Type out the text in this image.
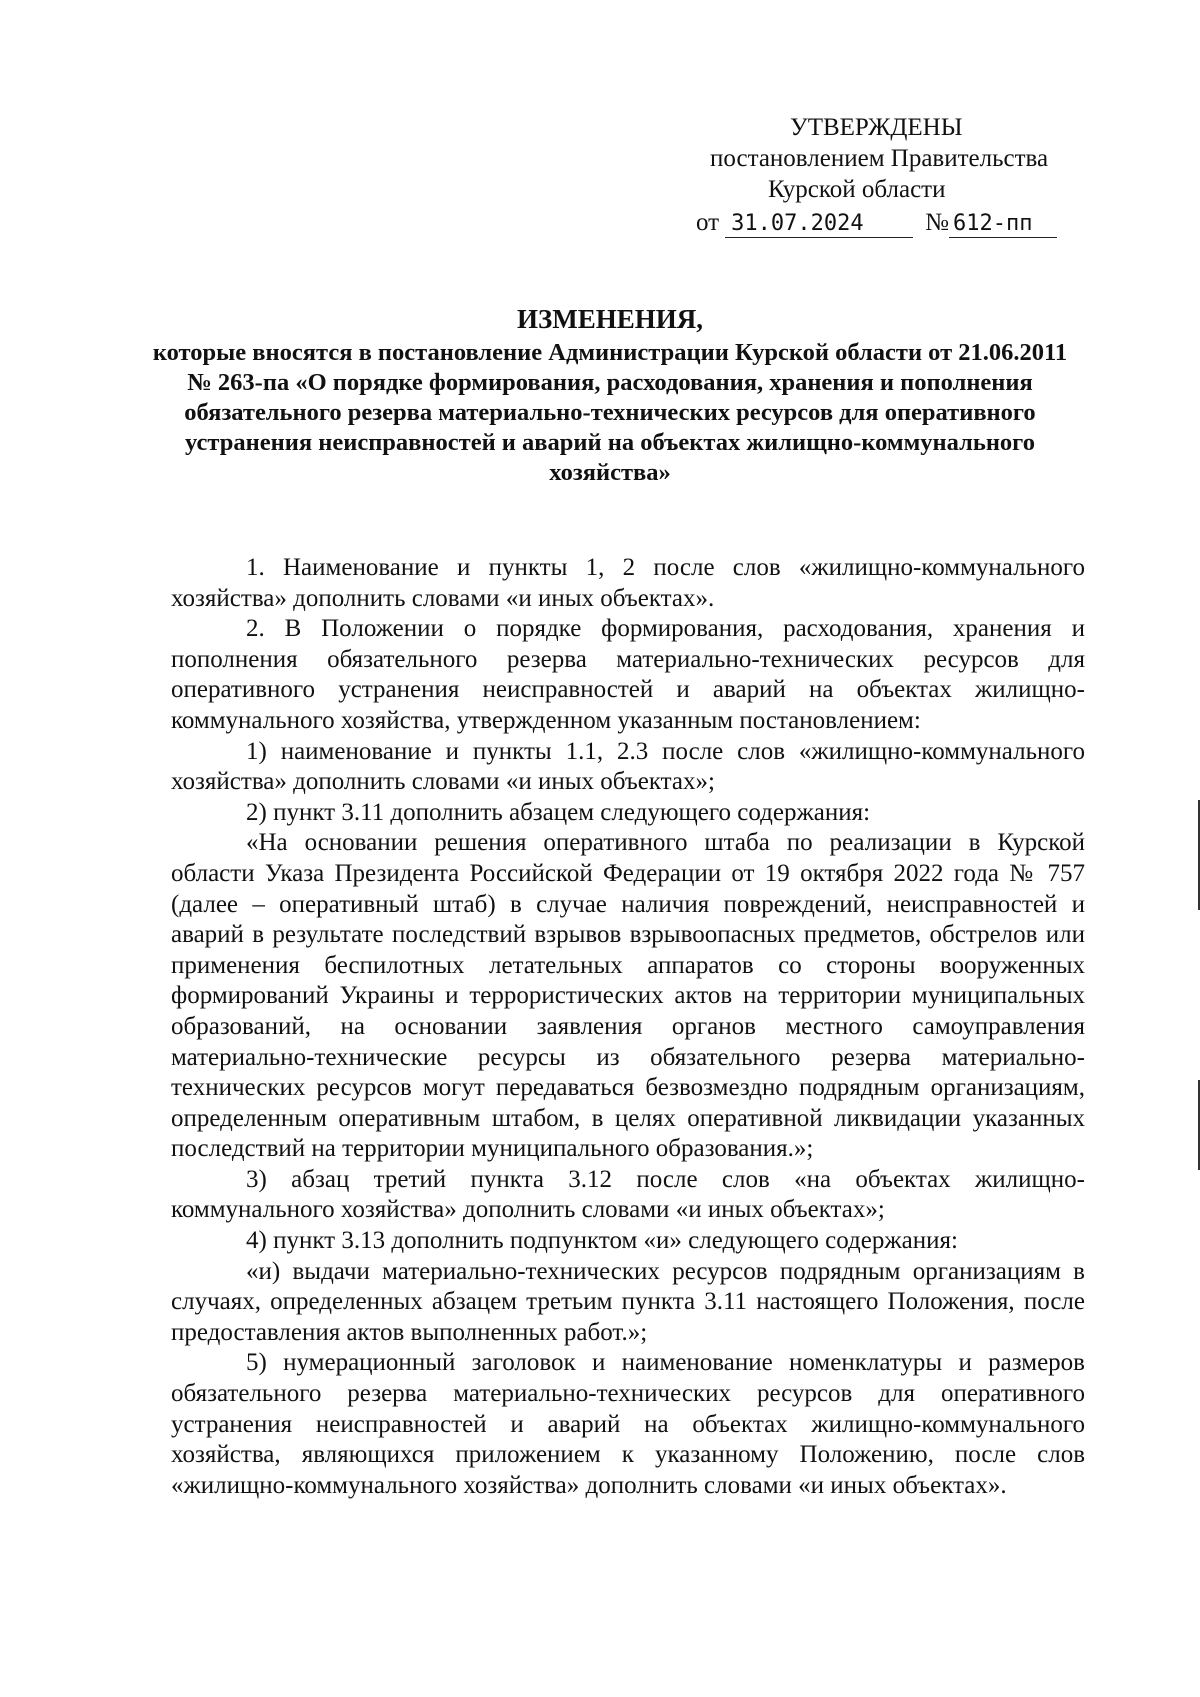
УТВЕРЖДЕНЫ
постановлением Правительства
Курской области
от 31.07.2024	№ 612-пп
ИЗМЕНЕНИЯ,
которые вносятся в постановление Администрации Курской области от 21.06.2011 № 263-па «О порядке формирования, расходования, хранения и пополнения обязательного резерва материально-технических ресурсов для оперативного устранения неисправностей и аварий на объектах жилищно-коммунального хозяйства»

1. Наименование и пункты 1, 2 после слов «жилищно-коммунального хозяйства» дополнить словами «и иных объектах».

2. В Положении о порядке формирования, расходования, хранения и пополнения обязательного резерва материально-технических ресурсов для оперативного устранения неисправностей и аварий на объектах жилищно-коммунального хозяйства, утвержденном указанным постановлением:

1) наименование и пункты 1.1, 2.3 после слов «жилищно-коммунального хозяйства» дополнить словами «и иных объектах»;

2) пункт 3.11 дополнить абзацем следующего содержания:

«На основании решения оперативного штаба по реализации в Курской области Указа Президента Российской Федерации от 19 октября 2022 года № 757 (далее – оперативный штаб) в случае наличия повреждений, неисправностей и аварий в результате последствий взрывов взрывоопасных предметов, обстрелов или применения беспилотных летательных аппаратов со стороны вооруженных формирований Украины и террористических актов на территории муниципальных образований, на основании заявления органов местного самоуправления материально-технические ресурсы из обязательного резерва материально-технических ресурсов могут передаваться безвозмездно подрядным организациям, определенным оперативным штабом, в целях оперативной ликвидации указанных последствий на территории муниципального образования.»;

3) абзац третий пункта 3.12 после слов «на объектах жилищно-коммунального хозяйства» дополнить словами «и иных объектах»;

4) пункт 3.13 дополнить подпунктом «и» следующего содержания:

«и) выдачи материально-технических ресурсов подрядным организациям в случаях, определенных абзацем третьим пункта 3.11 настоящего Положения, после предоставления актов выполненных работ.»;

5) нумерационный заголовок и наименование номенклатуры и размеров обязательного резерва материально-технических ресурсов для оперативного устранения неисправностей и аварий на объектах жилищно-коммунального хозяйства, являющихся приложением к указанному Положению, после слов «жилищно-коммунального хозяйства» дополнить словами «и иных объектах».
